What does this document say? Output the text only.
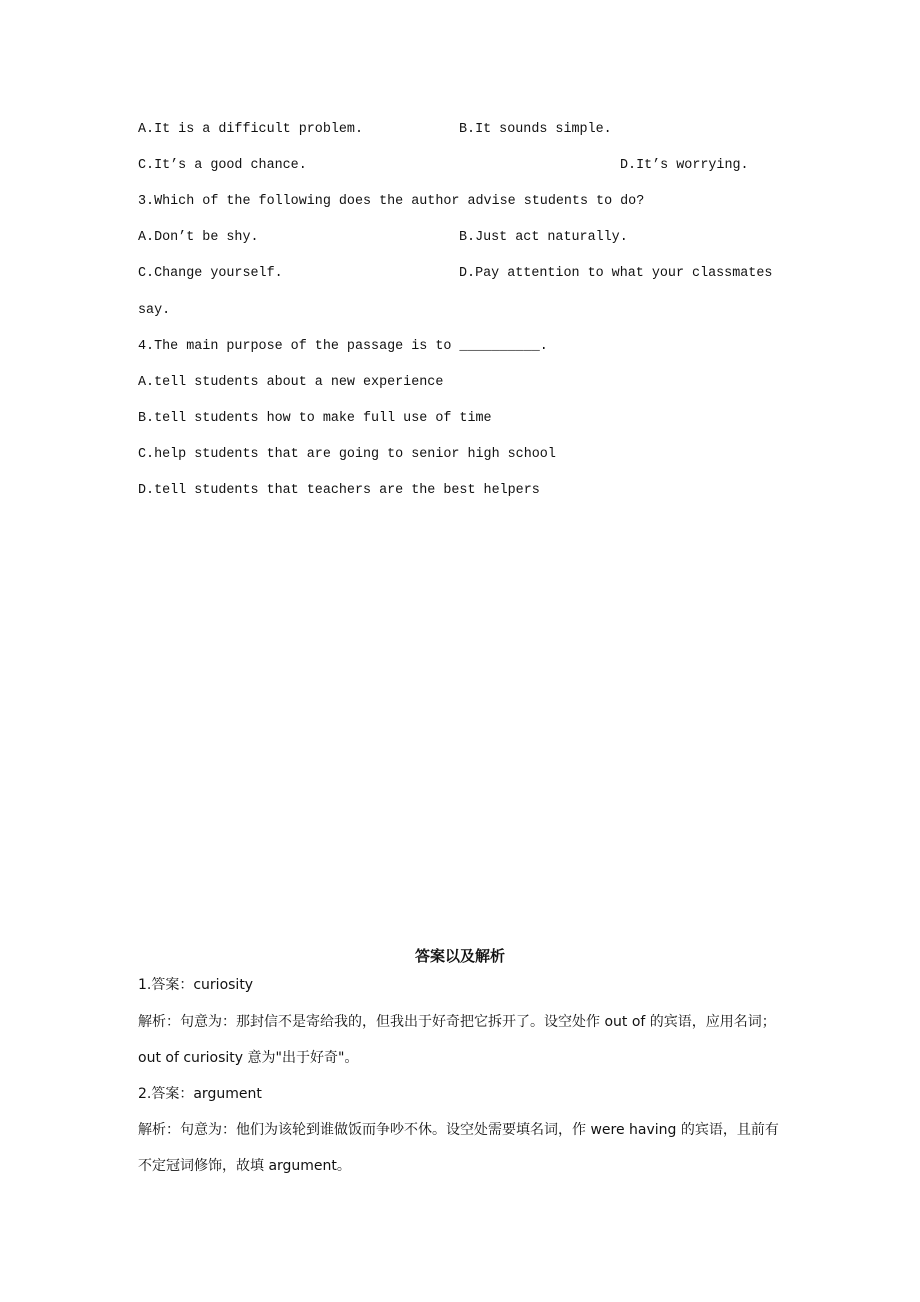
A.It is a difficult problem.	B.It sounds simple.
C.It’s a good chance.	D.It’s worrying.
3.Which of the following does the author advise students to do?
A.Don’t be shy.	B.Just act naturally.
C.Change yourself.	D.Pay attention to what your classmates
say.
4.The main purpose of the passage is to __________.
A.tell students about a new experience
B.tell students how to make full use of time
C.help students that are going to senior high school
D.tell students that teachers are the best helpers
答案以及解析
1.答案：curiosity
解析：句意为：那封信不是寄给我的，但我出于好奇把它拆开了。设空处作 out of 的宾语，应用名词；out of curiosity 意为"出于好奇"。
2.答案：argument
解析：句意为：他们为该轮到谁做饭而争吵不休。设空处需要填名词，作 were having 的宾语，且前有不定冠词修饰，故填 argument。
